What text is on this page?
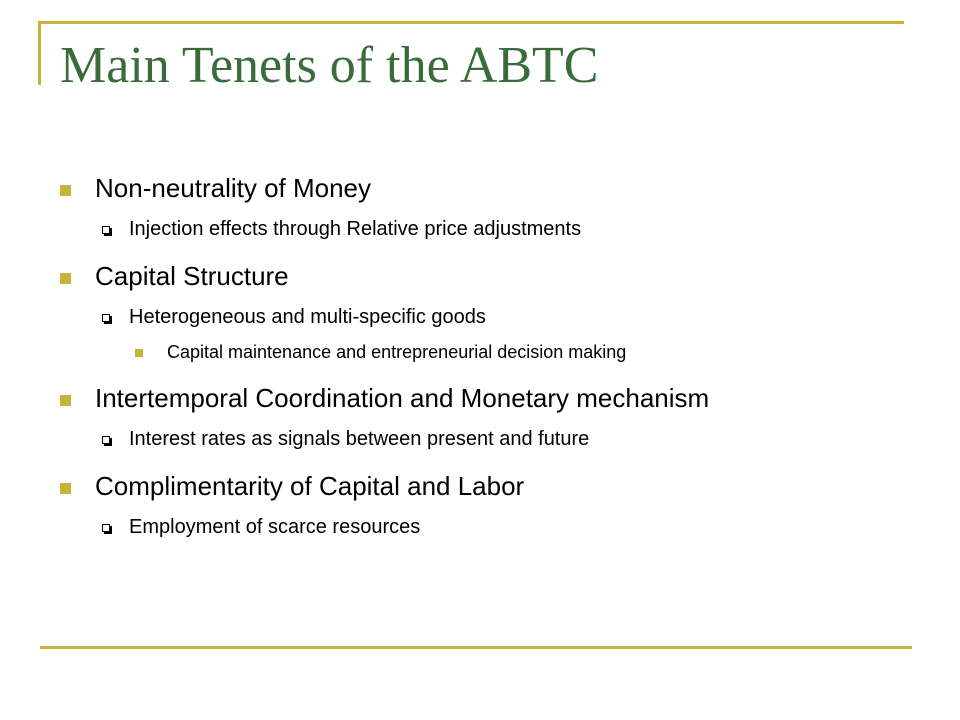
Main Tenets of the ABTC
Non-neutrality of Money
Injection effects through Relative price adjustments
Capital Structure
Heterogeneous and multi-specific goods
Capital maintenance and entrepreneurial decision making
Intertemporal Coordination and Monetary mechanism
Interest rates as signals between present and future
Complimentarity of Capital and Labor
Employment of scarce resources
